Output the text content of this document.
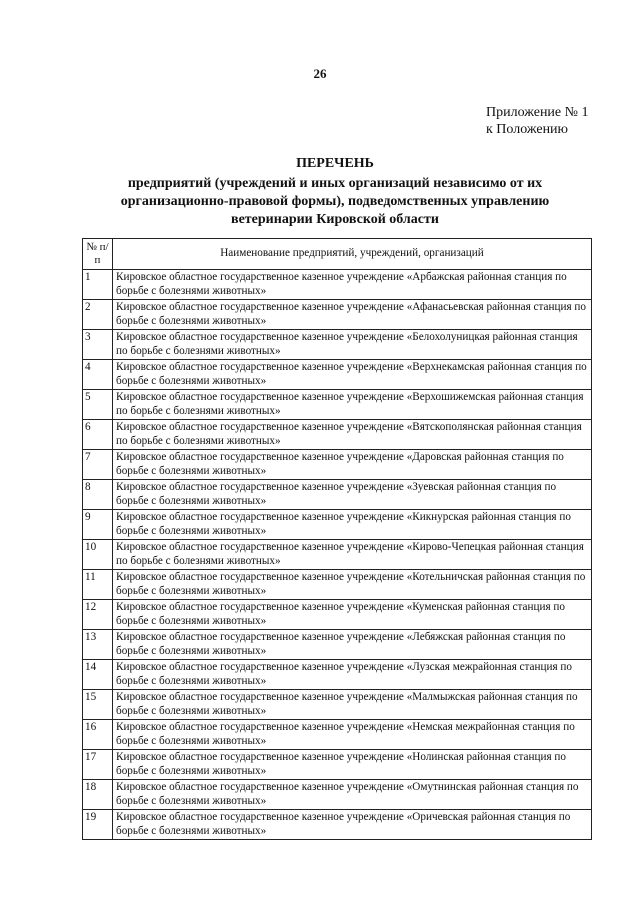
26
Приложение № 1
к Положению
ПЕРЕЧЕНЬ
предприятий (учреждений и иных организаций независимо от их организационно-правовой формы), подведомственных управлению ветеринарии Кировской области
№ п/п	Наименование предприятий, учреждений, организаций
1	Кировское областное государственное казенное учреждение «Арбажская районная станция по борьбе с болезнями животных»
2	Кировское областное государственное казенное учреждение «Афанасьевская районная станция по борьбе с болезнями животных»
3	Кировское областное государственное казенное учреждение «Белохолуницкая районная станция по борьбе с болезнями животных»
4	Кировское областное государственное казенное учреждение «Верхнекамская районная станция по борьбе с болезнями животных»
5	Кировское областное государственное казенное учреждение «Верхошижемская районная станция по борьбе с болезнями животных»
6	Кировское областное государственное казенное учреждение «Вятскополянская районная станция по борьбе с болезнями животных»
7	Кировское областное государственное казенное учреждение «Даровская районная станция по борьбе с болезнями животных»
8	Кировское областное государственное казенное учреждение «Зуевская районная станция по борьбе с болезнями животных»
9	Кировское областное государственное казенное учреждение «Кикнурская районная станция по борьбе с болезнями животных»
10	Кировское областное государственное казенное учреждение «Кирово-Чепецкая районная станция по борьбе с болезнями животных»
11	Кировское областное государственное казенное учреждение «Котельничская районная станция по борьбе с болезнями животных»
12	Кировское областное государственное казенное учреждение «Куменская районная станция по борьбе с болезнями животных»
13	Кировское областное государственное казенное учреждение «Лебяжская районная станция по борьбе с болезнями животных»
14	Кировское областное государственное казенное учреждение «Лузская межрайонная станция по борьбе с болезнями животных»
15	Кировское областное государственное казенное учреждение «Малмыжская районная станция по борьбе с болезнями животных»
16	Кировское областное государственное казенное учреждение «Немская межрайонная станция по борьбе с болезнями животных»
17	Кировское областное государственное казенное учреждение «Нолинская районная станция по борьбе с болезнями животных»
18	Кировское областное государственное казенное учреждение «Омутнинская районная станция по борьбе с болезнями животных»
19	Кировское областное государственное казенное учреждение «Оричевская районная станция по борьбе с болезнями животных»
